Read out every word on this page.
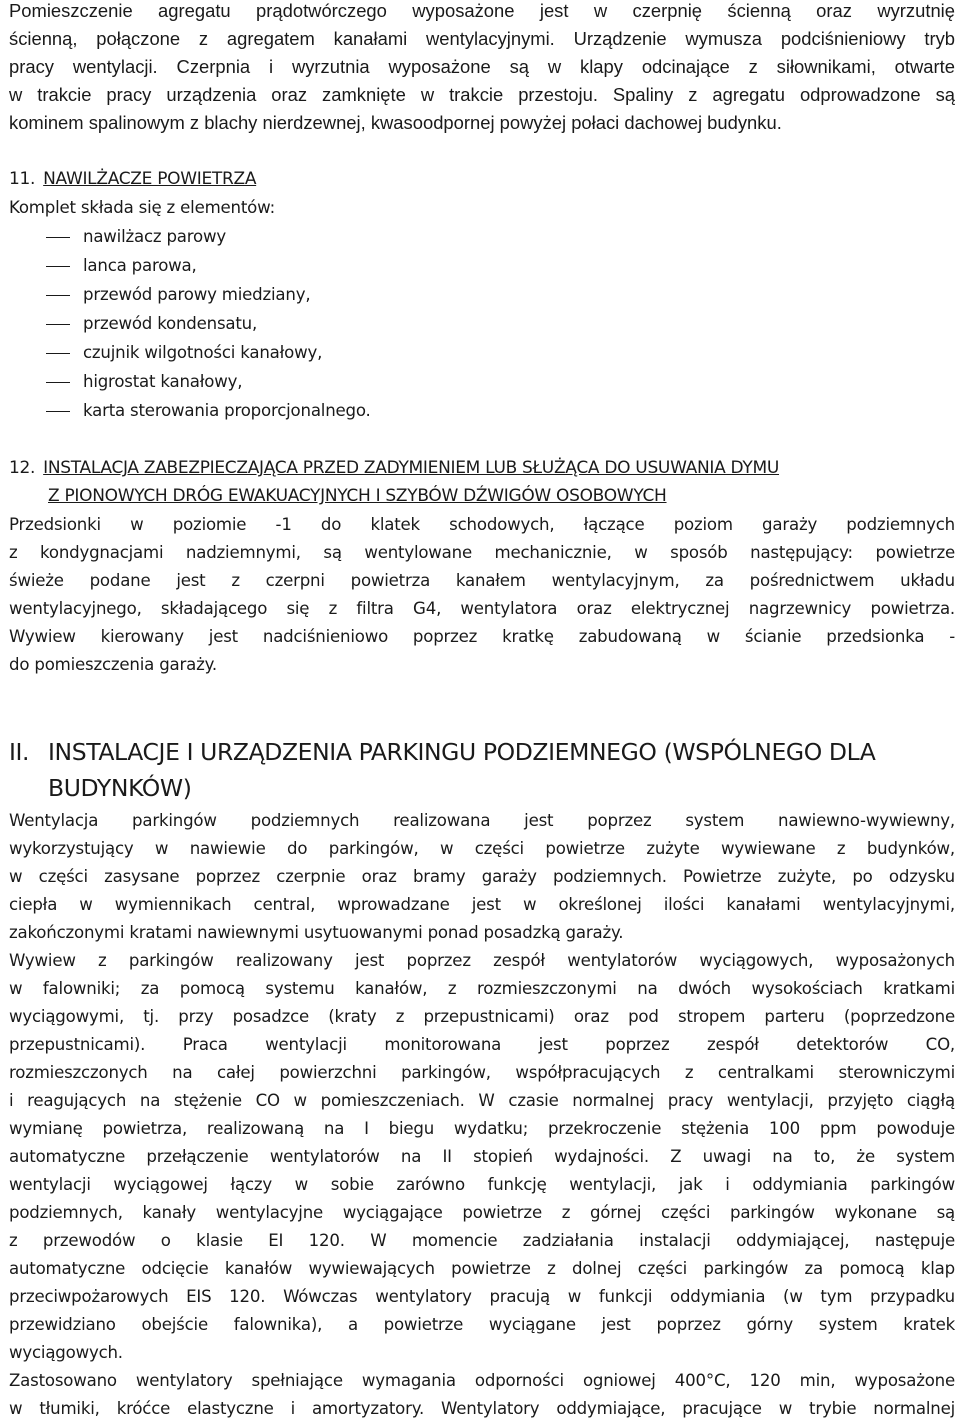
Pomieszczenie agregatu prądotwórczego wyposażone jest w czerpnię ścienną oraz wyrzutnię
ścienną, połączone z agregatem kanałami wentylacyjnymi. Urządzenie wymusza podciśnieniowy tryb
pracy wentylacji. Czerpnia i wyrzutnia wyposażone są w klapy odcinające z siłownikami, otwarte
w trakcie pracy urządzenia oraz zamknięte w trakcie przestoju. Spaliny z agregatu odprowadzone są
kominem spalinowym z blachy nierdzewnej, kwasoodpornej powyżej połaci dachowej budynku.
11. NAWILŻACZE POWIETRZA
Komplet składa się z elementów:
nawilżacz parowy
lanca parowa,
przewód parowy miedziany,
przewód kondensatu,
czujnik wilgotności kanałowy,
higrostat kanałowy,
karta sterowania proporcjonalnego.
12. INSTALACJA ZABEZPIECZAJĄCA PRZED ZADYMIENIEM LUB SŁUŻĄCA DO USUWANIA DYMU
Z PIONOWYCH DRÓG EWAKUACYJNYCH I SZYBÓW DŹWIGÓW OSOBOWYCH
Przedsionki w poziomie -1 do klatek schodowych, łączące poziom garaży podziemnych
z kondygnacjami nadziemnymi, są wentylowane mechanicznie, w sposób następujący: powietrze
świeże podane jest z czerpni powietrza kanałem wentylacyjnym, za pośrednictwem układu
wentylacyjnego, składającego się z filtra G4, wentylatora oraz elektrycznej nagrzewnicy powietrza.
Wywiew kierowany jest nadciśnieniowo poprzez kratkę zabudowaną w ścianie przedsionka -
do pomieszczenia garaży.
II. INSTALACJE I URZĄDZENIA PARKINGU PODZIEMNEGO (WSPÓLNEGO DLA
BUDYNKÓW)
Wentylacja parkingów podziemnych realizowana jest poprzez system nawiewno-wywiewny,
wykorzystujący w nawiewie do parkingów, w części powietrze zużyte wywiewane z budynków,
w części zasysane poprzez czerpnie oraz bramy garaży podziemnych. Powietrze zużyte, po odzysku
ciepła w wymiennikach central, wprowadzane jest w określonej ilości kanałami wentylacyjnymi,
zakończonymi kratami nawiewnymi usytuowanymi ponad posadzką garaży.
Wywiew z parkingów realizowany jest poprzez zespół wentylatorów wyciągowych, wyposażonych
w falowniki; za pomocą systemu kanałów, z rozmieszczonymi na dwóch wysokościach kratkami
wyciągowymi, tj. przy posadzce (kraty z przepustnicami) oraz pod stropem parteru (poprzedzone
przepustnicami). Praca wentylacji monitorowana jest poprzez zespół detektorów CO,
rozmieszczonych na całej powierzchni parkingów, współpracujących z centralkami sterowniczymi
i reagujących na stężenie CO w pomieszczeniach. W czasie normalnej pracy wentylacji, przyjęto ciągłą
wymianę powietrza, realizowaną na I biegu wydatku; przekroczenie stężenia 100 ppm powoduje
automatyczne przełączenie wentylatorów na II stopień wydajności. Z uwagi na to, że system
wentylacji wyciągowej łączy w sobie zarówno funkcję wentylacji, jak i oddymiania parkingów
podziemnych, kanały wentylacyjne wyciągające powietrze z górnej części parkingów wykonane są
z przewodów o klasie EI 120. W momencie zadziałania instalacji oddymiającej, następuje
automatyczne odcięcie kanałów wywiewających powietrze z dolnej części parkingów za pomocą klap
przeciwpożarowych EIS 120. Wówczas wentylatory pracują w funkcji oddymiania (w tym przypadku
przewidziano obejście falownika), a powietrze wyciągane jest poprzez górny system kratek
wyciągowych.
Zastosowano wentylatory spełniające wymagania odporności ogniowej 400°C, 120 min, wyposażone
w tłumiki, króćce elastyczne i amortyzatory. Wentylatory oddymiające, pracujące w trybie normalnej
